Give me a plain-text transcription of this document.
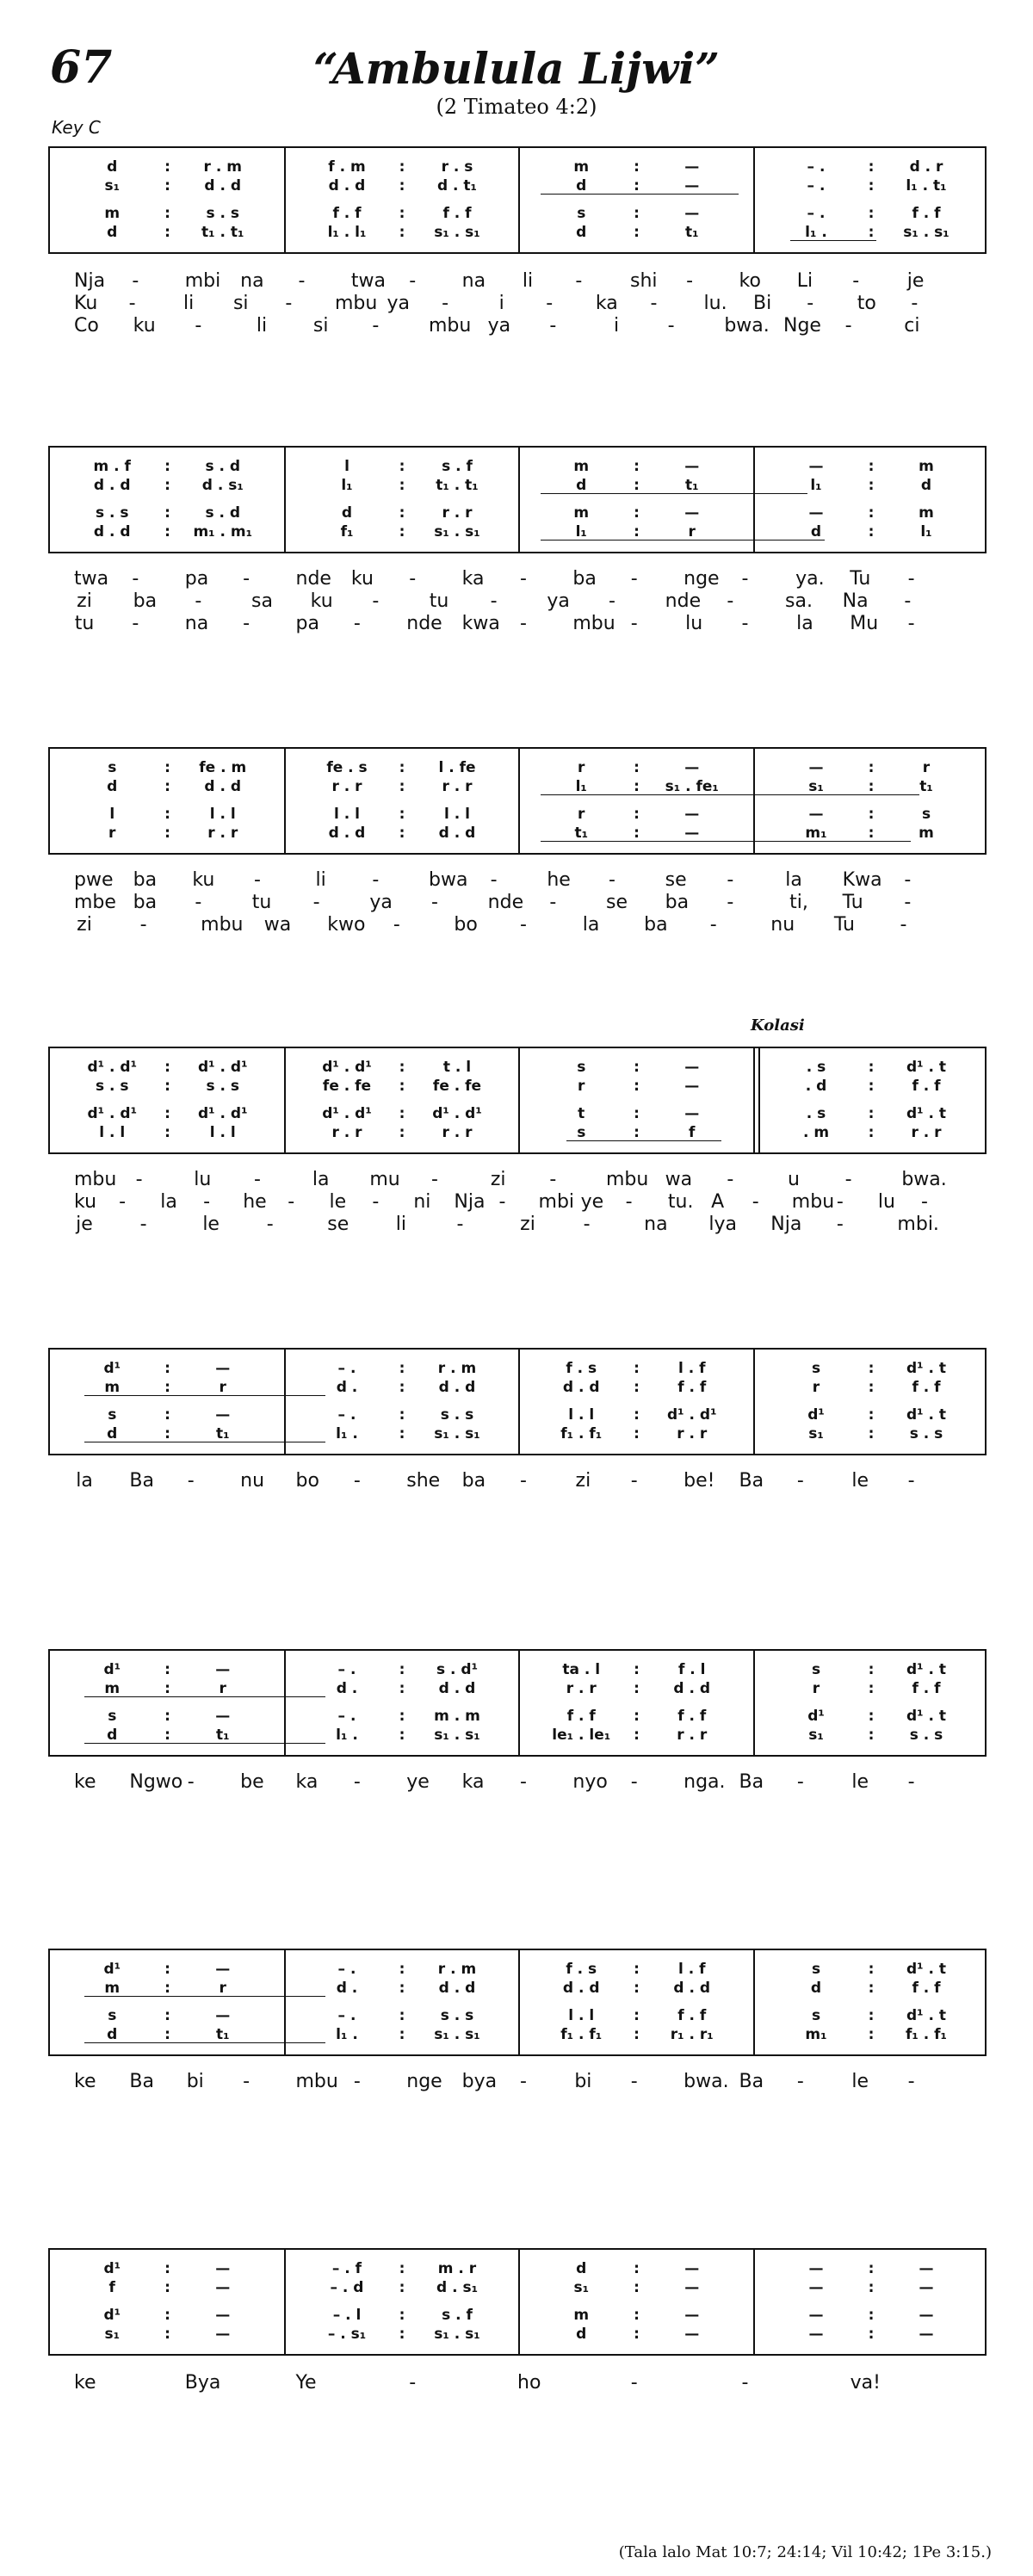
67	“Ambulula Lijwi”
(2 Timateo 4:2)
Key C
Kolasi
(Tala lalo Mat 10:7; 24:14; Vil 10:42; 1Pe 3:15.)
d	:	r . m
s₁	:	d . d
m	:	s . s
d	:	t₁ . t₁
f . m	:	r . s
d . d	:	d . t₁
f . f	:	f . f
l₁ . l₁	:	s₁ . s₁
m	:	—
d	:	—
s	:	—
d	:	t₁
– .	:	d . r
– .	:	l₁ . t₁
– .	:	f . f
l₁ .	:	s₁ . s₁
Nja - mbi na - twa - na li -	shi - ko Li -	je
Ku -	li si - mbu ya -	i	- ka - lu. Bi - to -
Co ku -	li si -	mbu ya -	i	-	bwa. Nge -	ci
m . f	:	s . d
d . d	:	d . s₁
s . s	:	s . d
d . d	:	m₁ . m₁
l	:	s . f
l₁	:	t₁ . t₁
d	:	r . r
f₁	:	s₁ . s₁
m	:	—
d	:	t₁
m	:	—
l₁	:	r
—	:	m
l₁	:	d
—	:	m
d	:	l₁
twa - pa - nde ku - ka - ba - nge - ya. Tu -
zi ba -	sa ku -	tu -	ya -	nde -	sa. Na -
tu - na - pa - nde kwa - mbu -	lu -	la Mu -
s	:	fe . m
d	:	d . d
l	:	l . l
r	:	r . r
fe . s	:	l . fe
r . r	:	r . r
l . l	:	l . l
d . d	:	d . d
r	:	—
l₁	:	s₁ . fe₁
r	:	—
t₁	:	—
—	:	r
s₁	:	t₁
—	:	s
m₁	:	m
pwe ba ku -	li -	bwa -	he -	se -	la Kwa -
mbe ba -	tu -	ya -	nde -	se ba -	ti,	Tu -
zi	-	mbu wa kwo -	bo -	la ba -	nu Tu -
d¹ . d¹	:	d¹ . d¹
s . s	:	s . s
d¹ . d¹	:	d¹ . d¹
l . l	:	l . l
d¹ . d¹	:	t . l
fe . fe	:	fe . fe
d¹ . d¹	:	d¹ . d¹
r . r	:	r . r
s	:	—
r	:	—
t	:	—
s	:	f
. s	:	d¹ . t
. d	:	f . f
. s	:	d¹ . t
. m	:	r . r
mbu -	lu -	la mu -	zi -	mbu wa -	u -	bwa.
ku - la - he - le - ni Nja - mbi ye - tu. A - mbu - lu -
je -	le -	se li	-	zi	-	na lya Nja -	mbi.
d¹	:	—
m	:	r
s	:	—
d	:	t₁
– .	:	r . m
d .	:	d . d
– .	:	s . s
l₁ .	:	s₁ . s₁
f . s	:	l . f
d . d	:	f . f
l . l	:	d¹ . d¹
f₁ . f₁	:	r . r
s	:	d¹ . t
r	:	f . f
d¹	:	d¹ . t
s₁	:	s . s
la Ba - nu bo - she ba -	zi - be! Ba -	le -
d¹	:	—
m	:	r
s	:	—
d	:	t₁
– .	:	s . d¹
d .	:	d . d
– .	:	m . m
l₁ .	:	s₁ . s₁
ta . l	:	f . l
r . r	:	d . d
f . f	:	f . f
le₁ . le₁	:	r . r
s	:	d¹ . t
r	:	f . f
d¹	:	d¹ . t
s₁	:	s . s
ke Ngwo - be ka - ye ka - nyo - nga. Ba -	le -
d¹	:	—
m	:	r
s	:	—
d	:	t₁
– .	:	r . m
d .	:	d . d
– .	:	s . s
l₁ .	:	s₁ . s₁
f . s	:	l . f
d . d	:	d . d
l . l	:	f . f
f₁ . f₁	:	r₁ . r₁
s	:	d¹ . t
d	:	f . f
s	:	d¹ . t
m₁	:	f₁ . f₁
ke Ba bi - mbu - nge bya -	bi - bwa. Ba -	le -
d¹	:	—
f	:	—
d¹	:	—
s₁	:	—
– . f	:	m . r
– . d	:	d . s₁
– . l	:	s . f
– . s₁	:	s₁ . s₁
d	:	—
s₁	:	—
m	:	—
d	:	—
—	:	—
—	:	—
—	:	—
—	:	—
ke	Bya	Ye	-	ho	-	-	va!
